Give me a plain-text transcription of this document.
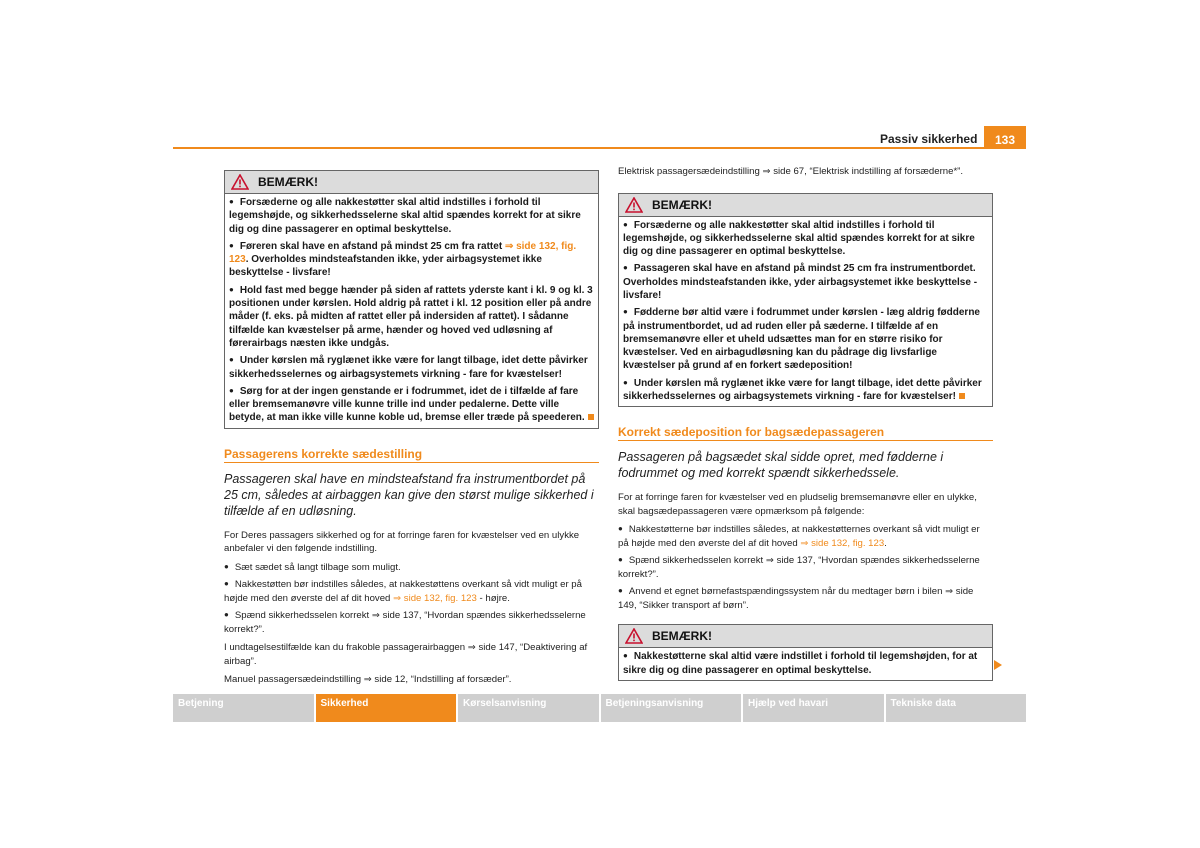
Passiv sikkerhed	133
BEMÆRK!

● Forsæderne og alle nakkestøtter skal altid indstilles i forhold til legemshøjde, og sikkerhedsselerne skal altid spændes korrekt for at sikre dig og dine passagerer en optimal beskyttelse.

● Føreren skal have en afstand på mindst 25 cm fra rattet ⇒ side 132, fig. 123. Overholdes mindsteafstanden ikke, yder airbagsystemet ikke beskyttelse - livsfare!

● Hold fast med begge hænder på siden af rattets yderste kant i kl. 9 og kl. 3 positionen under kørslen. Hold aldrig på rattet i kl. 12 position eller på andre måder (f. eks. på midten af rattet eller på indersiden af rattet). I sådanne tilfælde kan kvæstelser på arme, hænder og hoved ved udløsning af førerairbags næsten ikke undgås.

● Under kørslen må ryglænet ikke være for langt tilbage, idet dette påvirker sikkerhedsselernes og airbagsystemets virkning - fare for kvæstelser!

● Sørg for at der ingen genstande er i fodrummet, idet de i tilfælde af fare eller bremsemanøvre ville kunne trille ind under pedalerne. Dette ville betyde, at man ikke ville kunne koble ud, bremse eller træde på speederen.

Passagerens korrekte sædestilling

Passageren skal have en mindsteafstand fra instrumentbordet på 25 cm, således at airbaggen kan give den størst mulige sikkerhed i tilfælde af en udløsning.

For Deres passagers sikkerhed og for at forringe faren for kvæstelser ved en ulykke anbefaler vi den følgende indstilling.

● Sæt sædet så langt tilbage som muligt.

● Nakkestøtten bør indstilles således, at nakkestøttens overkant så vidt muligt er på højde med den øverste del af dit hoved ⇒ side 132, fig. 123 - højre.

● Spænd sikkerhedsselen korrekt ⇒ side 137, “Hvordan spændes sikkerhedsselerne korrekt?”.

I undtagelsestilfælde kan du frakoble passagerairbaggen ⇒ side 147, “Deaktivering af airbag”.

Manuel passagersædeindstilling ⇒ side 12, “Indstilling af forsæder”.

Elektrisk passagersædeindstilling ⇒ side 67, “Elektrisk indstilling af forsæderne*”.

BEMÆRK!

● Forsæderne og alle nakkestøtter skal altid indstilles i forhold til legemshøjde, og sikkerhedsselerne skal altid spændes korrekt for at sikre dig og dine passagerer en optimal beskyttelse.

● Passageren skal have en afstand på mindst 25 cm fra instrumentbordet. Overholdes mindsteafstanden ikke, yder airbagsystemet ikke beskyttelse - livsfare!

● Fødderne bør altid være i fodrummet under kørslen - læg aldrig fødderne på instrumentbordet, ud ad ruden eller på sæderne. I tilfælde af en bremsemanøvre eller et uheld udsættes man for en større risiko for kvæstelser. Ved en airbagudløsning kan du pådrage dig livsfarlige kvæstelser på grund af en forkert sædeposition!

● Under kørslen må ryglænet ikke være for langt tilbage, idet dette påvirker sikkerhedsselernes og airbagsystemets virkning - fare for kvæstelser!

Korrekt sædeposition for bagsædepassageren

Passageren på bagsædet skal sidde opret, med fødderne i fodrummet og med korrekt spændt sikkerhedssele.

For at forringe faren for kvæstelser ved en pludselig bremsemanøvre eller en ulykke, skal bagsædepassageren være opmærksom på følgende:

● Nakkestøtterne bør indstilles således, at nakkestøtternes overkant så vidt muligt er på højde med den øverste del af dit hoved ⇒ side 132, fig. 123.

● Spænd sikkerhedsselen korrekt ⇒ side 137, “Hvordan spændes sikkerhedsselerne korrekt?”.

● Anvend et egnet børnefastspændingssystem når du medtager børn i bilen ⇒ side 149, “Sikker transport af børn”.

BEMÆRK!

● Nakkestøtterne skal altid være indstillet i forhold til legemshøjden, for at sikre dig og dine passagerer en optimal beskyttelse.

Betjening	Sikkerhed	Kørselsanvisning	Betjeningsanvisning	Hjælp ved havari	Tekniske data
